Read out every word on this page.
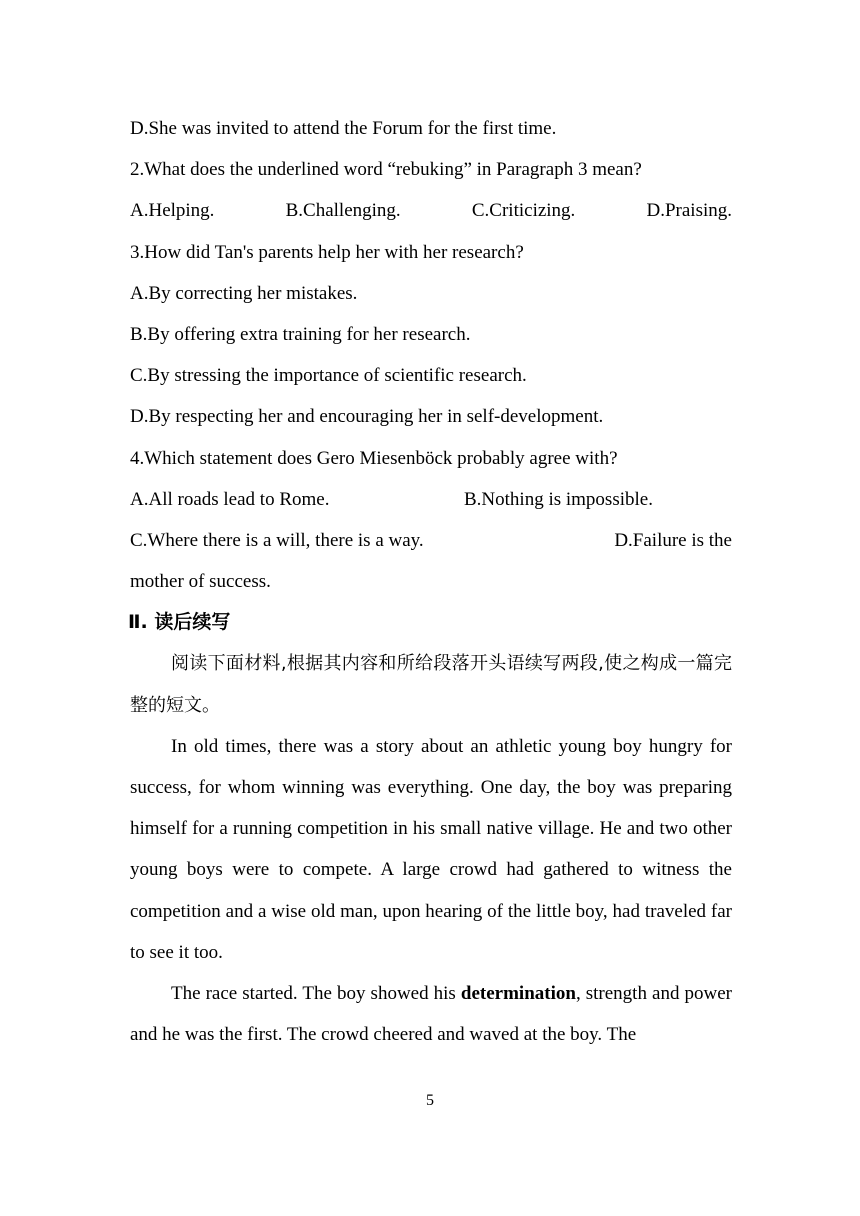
D.She was invited to attend the Forum for the first time.

2.What does the underlined word “rebuking” in Paragraph 3 mean?

A.Helping.	B.Challenging.	C.Criticizing.	D.Praising.

3.How did Tan's parents help her with her research?

A.By correcting her mistakes.

B.By offering extra training for her research.

C.By stressing the importance of scientific research.

D.By respecting her and encouraging her in self-development.

4.Which statement does Gero Miesenböck probably agree with?

A.All roads lead to Rome.	B.Nothing is impossible.
C.Where there is a will, there is a way.	D.Failure is the

mother of success.

Ⅱ. 读后续写

阅读下面材料,根据其内容和所给段落开头语续写两段,使之构成一篇完整的短文。

In old times, there was a story about an athletic young boy hungry for success, for whom winning was everything. One day, the boy was preparing himself for a running competition in his small native village. He and two other young boys were to compete. A large crowd had gathered to witness the competition and a wise old man, upon hearing of the little boy, had traveled far to see it too.

The race started. The boy showed his determination, strength and power and he was the first. The crowd cheered and waved at the boy. The

5
